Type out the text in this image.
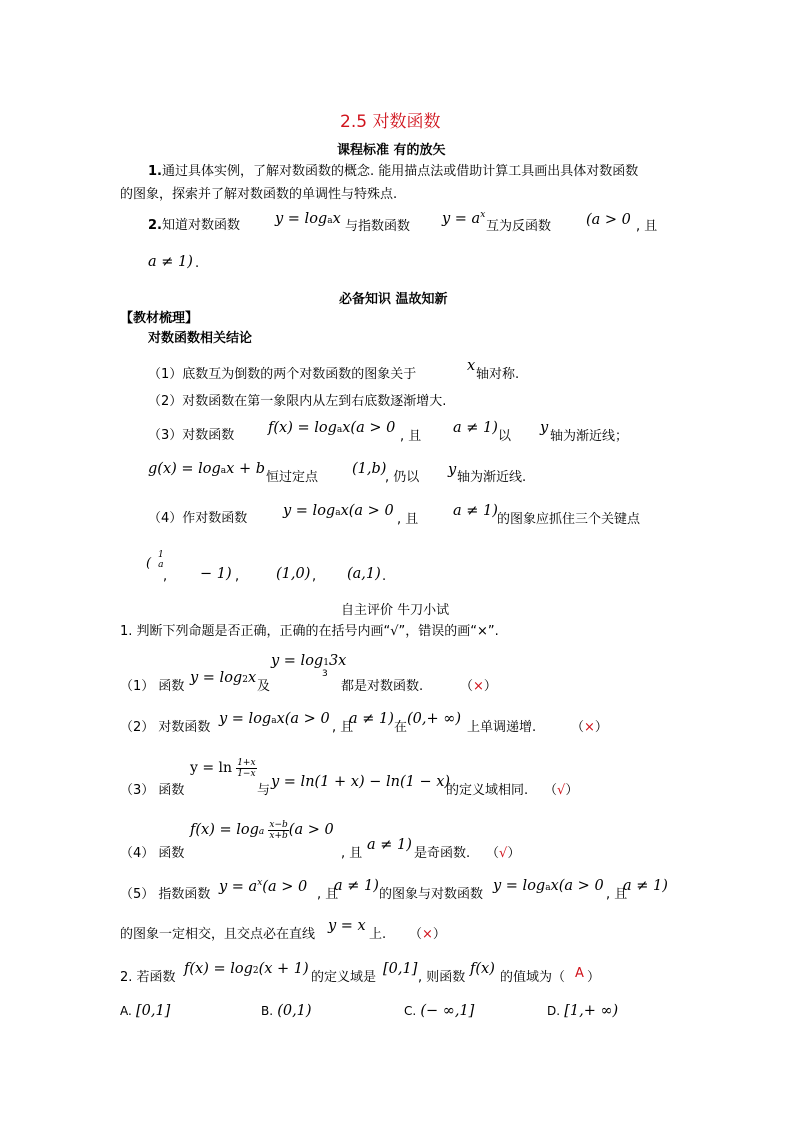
2.5 对数函数
课程标准 有的放矢
1.通过具体实例，了解对数函数的概念. 能用描点法或借助计算工具画出具体对数函数
的图象，探索并了解对数函数的单调性与特殊点.
2.知道对数函数 y = logax 与指数函数 $y = a^x$
互为反函数 (a > 0 , 且
a ≠ 1) .
必备知识 温故知新
【教材梳理】
对数函数相关结论
（1）底数互为倒数的两个对数函数的图象关于
x
轴对称.
（2）对数函数在第一象限内从左到右底数逐渐增大.
（3）对数函数 f(x) = logax(a > 0
, 且
a ≠ 1)
以
y
轴为渐近线；
g(x) = logax + b
恒过定点
(1,b)
, 仍以 y 轴为渐近线.
（4）作对数函数 y = logax(a > 0
, 且
a ≠ 1)
的图象应抓住三个关键点
(
1
a
, − 1) ,	(1,0) , (a,1) .
自主评价 牛刀小试
1. 判断下列命题是否正确，正确的在括号内画“√”，错误的画“×”.
（1） 函数
y = log2x
及
y = log13x
3
都是对数函数.	（×）
（2） 对数函数
y = logax(a > 0
, 且
a ≠ 1)
在
(0,+ ∞)
上单调递增.	（×）
（3） 函数
$y = \ln \frac{1+x}{1-x}$
与
y = ln(1 + x) − ln(1 − x)
的定义域相同. （√）
（4） 函数
f(x) = loga $\frac{x-b}{x+b} (a > 0$
, 且
a ≠ 1)
是奇函数. （√）
（5） 指数函数 $y = a^x(a > 0$ , 且
a ≠ 1)
的图象与对数函数
y = logax(a > 0
, 且
a ≠ 1)
的图象一定相交，且交点必在直线
y = x
上. （×）
2. 若函数
f(x) = log2(x + 1)
的定义域是
[0,1]
, 则函数
f(x)
的值域为（ A ）
A. [0,1]	B. (0,1)	C. (− ∞,1]	D. [1,+ ∞)
